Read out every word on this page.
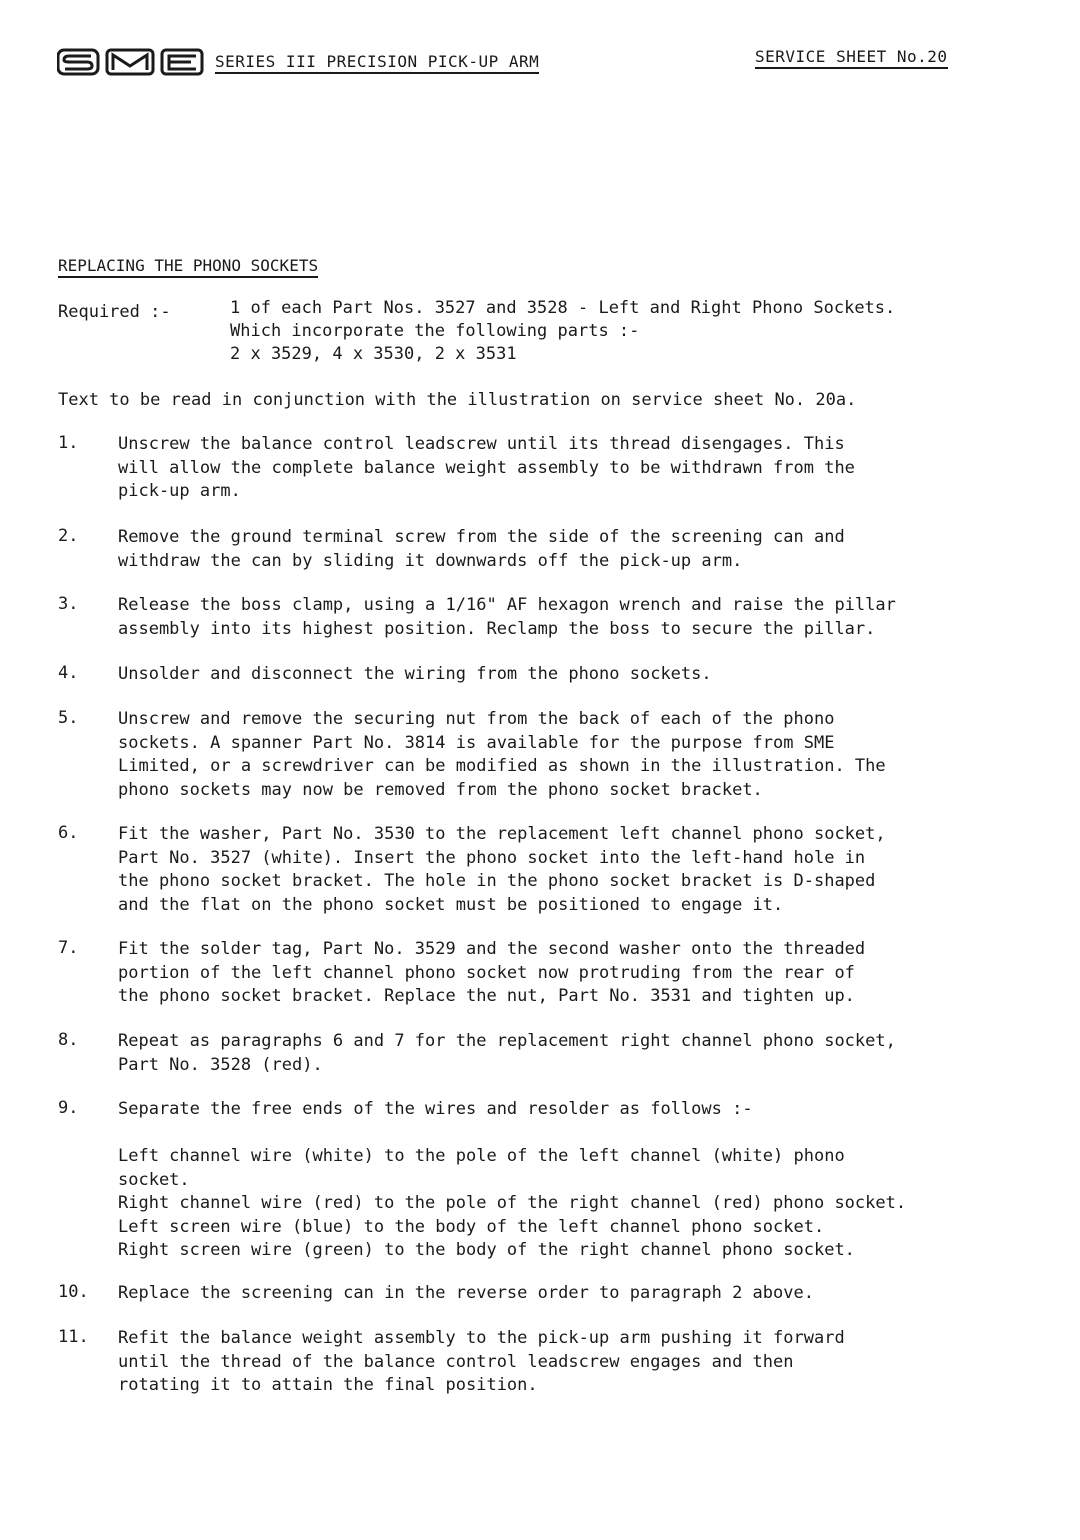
SERIES III PRECISION PICK-UP ARM	SERVICE SHEET No.20
REPLACING THE PHONO SOCKETS
Required :-	1 of each Part Nos. 3527 and 3528 - Left and Right Phono Sockets.
Which incorporate the following parts :-
2 x 3529, 4 x 3530, 2 x 3531
Text to be read in conjunction with the illustration on service sheet No. 20a.
1. Unscrew the balance control leadscrew until its thread disengages. This
will allow the complete balance weight assembly to be withdrawn from the
pick-up arm.
2. Remove the ground terminal screw from the side of the screening can and
withdraw the can by sliding it downwards off the pick-up arm.
3. Release the boss clamp, using a 1/16" AF hexagon wrench and raise the pillar
assembly into its highest position. Reclamp the boss to secure the pillar.
4. Unsolder and disconnect the wiring from the phono sockets.
5. Unscrew and remove the securing nut from the back of each of the phono
sockets. A spanner Part No. 3814 is available for the purpose from SME
Limited, or a screwdriver can be modified as shown in the illustration. The
phono sockets may now be removed from the phono socket bracket.
6. Fit the washer, Part No. 3530 to the replacement left channel phono socket,
Part No. 3527 (white). Insert the phono socket into the left-hand hole in
the phono socket bracket. The hole in the phono socket bracket is D-shaped
and the flat on the phono socket must be positioned to engage it.
7. Fit the solder tag, Part No. 3529 and the second washer onto the threaded
portion of the left channel phono socket now protruding from the rear of
the phono socket bracket. Replace the nut, Part No. 3531 and tighten up.
8. Repeat as paragraphs 6 and 7 for the replacement right channel phono socket,
Part No. 3528 (red).
9. Separate the free ends of the wires and resolder as follows :-
Left channel wire (white) to the pole of the left channel (white) phono
socket.
Right channel wire (red) to the pole of the right channel (red) phono socket.
Left screen wire (blue) to the body of the left channel phono socket.
Right screen wire (green) to the body of the right channel phono socket.
10. Replace the screening can in the reverse order to paragraph 2 above.
11. Refit the balance weight assembly to the pick-up arm pushing it forward
until the thread of the balance control leadscrew engages and then
rotating it to attain the final position.
